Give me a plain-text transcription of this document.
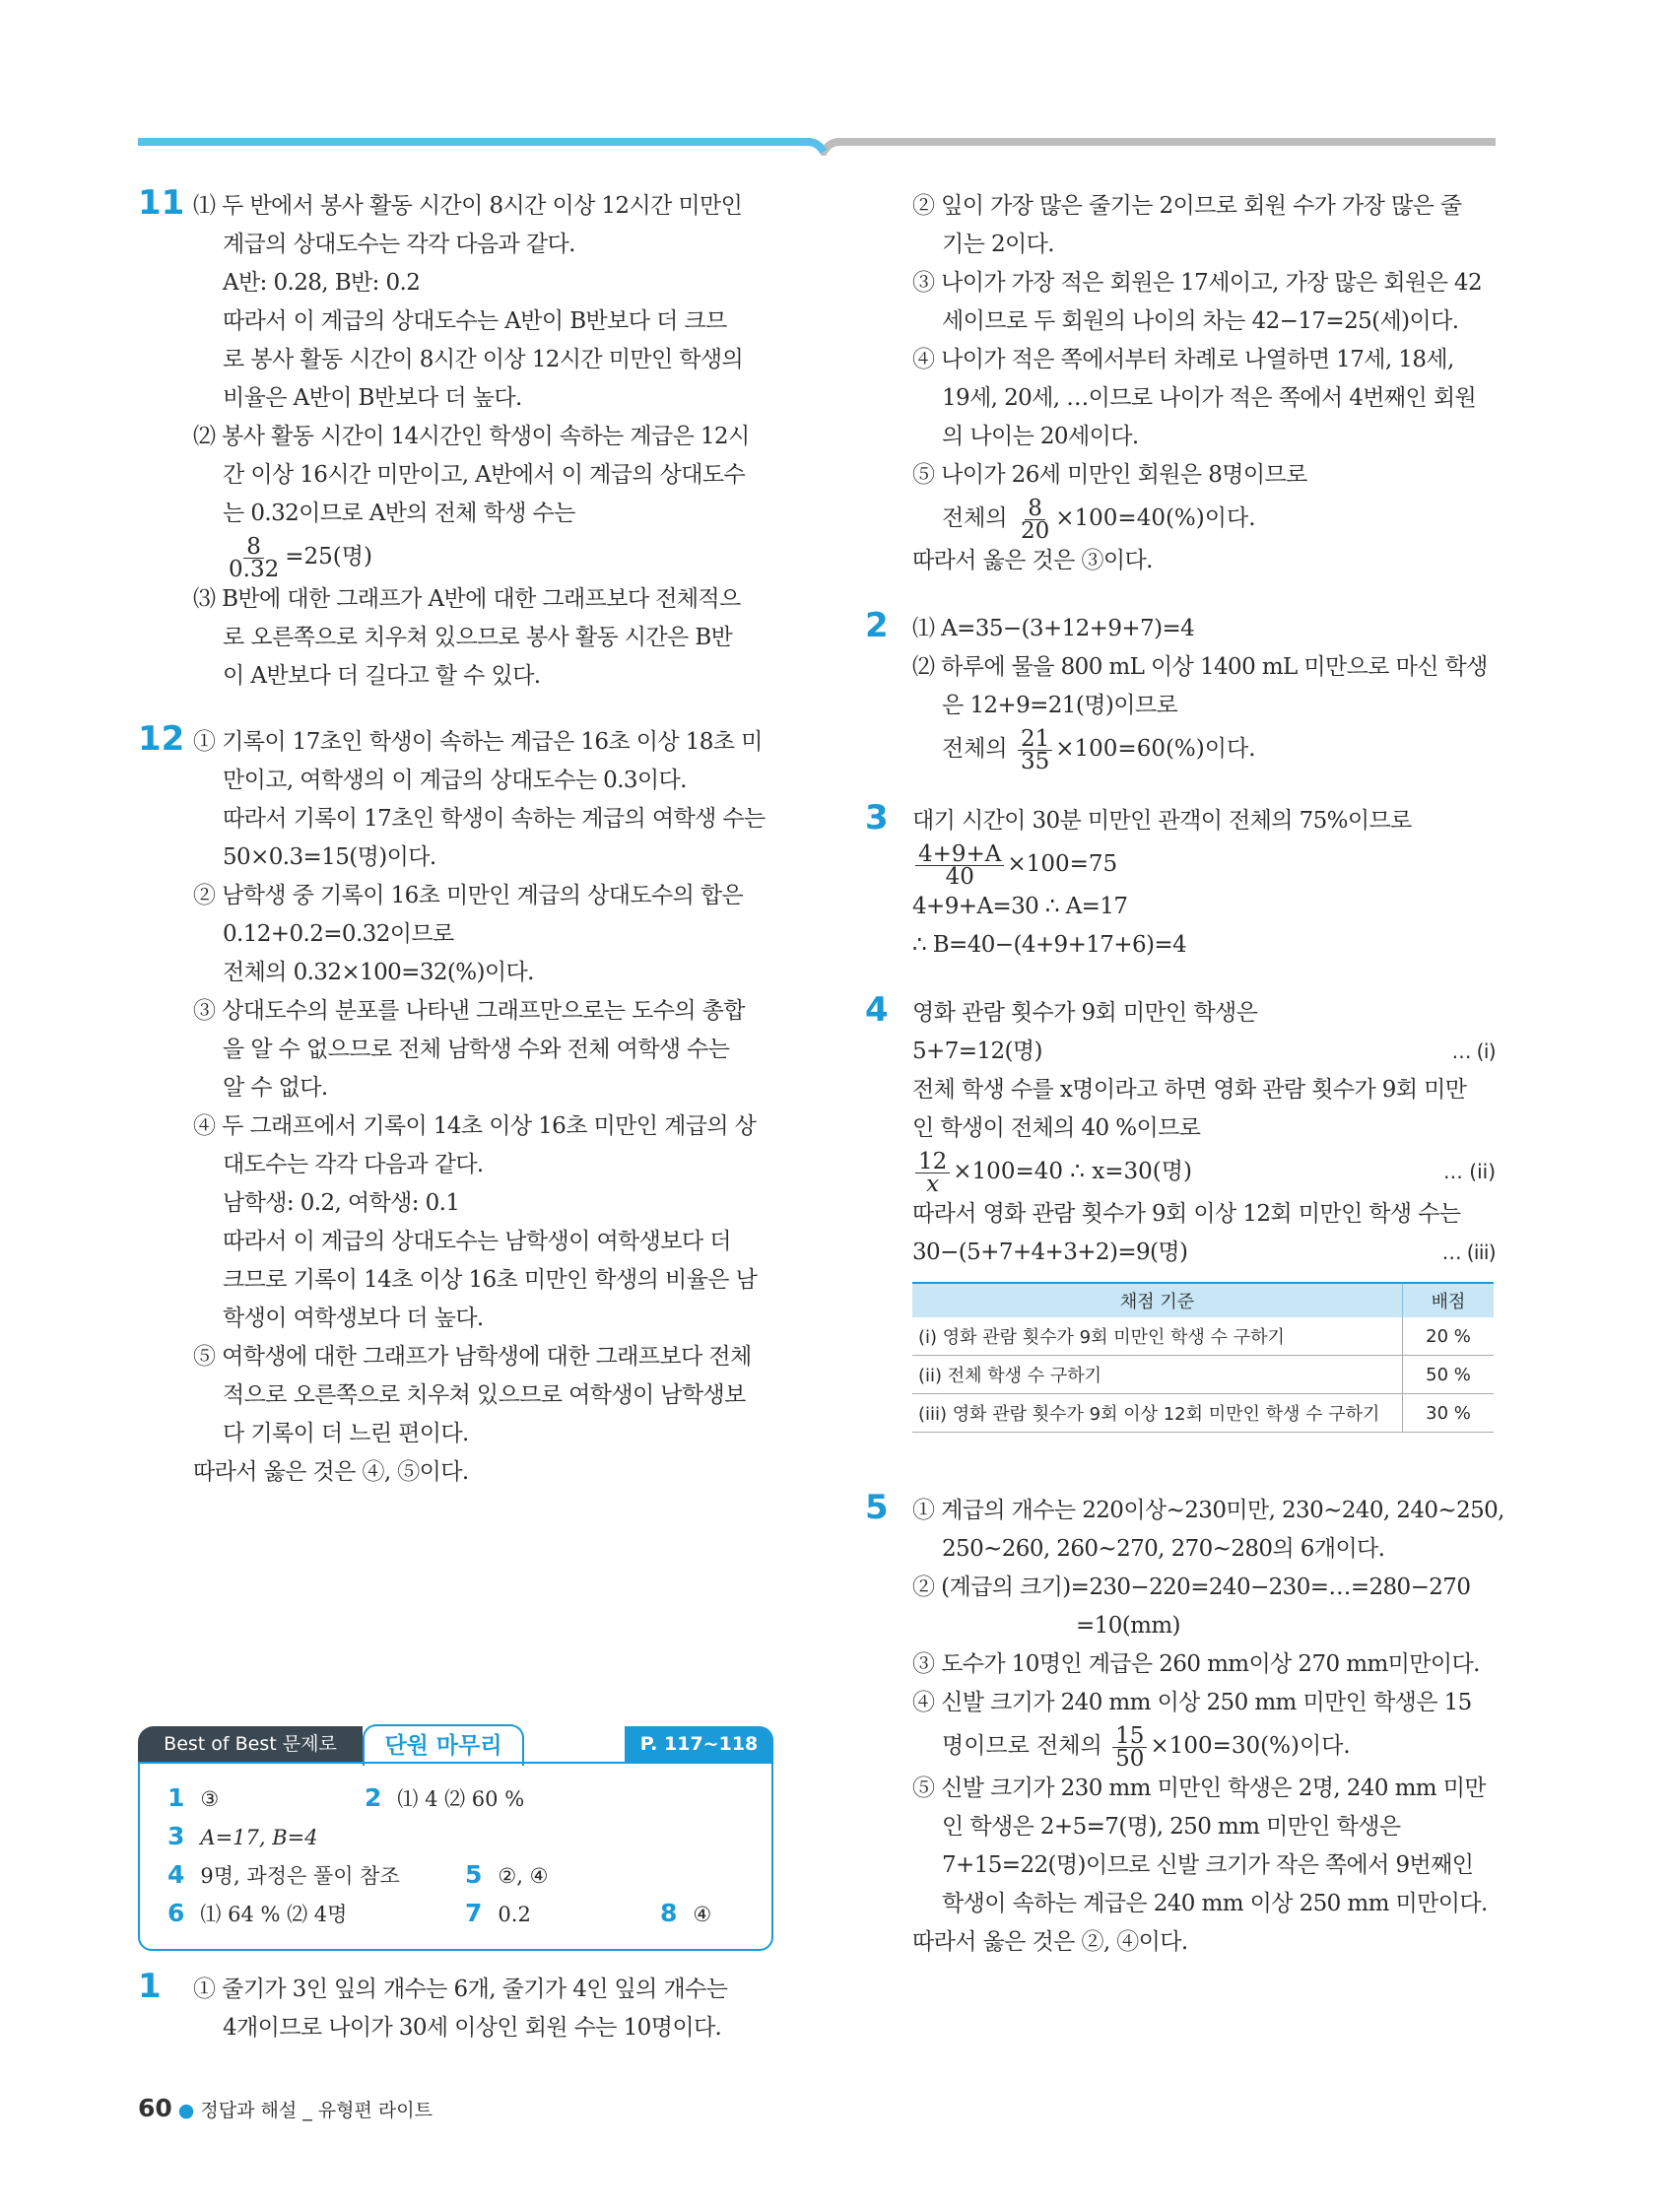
11 ⑴ 두 반에서 봉사 활동 시간이 8시간 이상 12시간 미만인
계급의 상대도수는 각각 다음과 같다.
A반: 0.28, B반: 0.2
따라서 이 계급의 상대도수는 A반이 B반보다 더 크므
로 봉사 활동 시간이 8시간 이상 12시간 미만인 학생의
비율은 A반이 B반보다 더 높다.
⑵ 봉사 활동 시간이 14시간인 학생이 속하는 계급은 12시
간 이상 16시간 미만이고, A반에서 이 계급의 상대도수
는 0.32이므로 A반의 전체 학생 수는
$\frac{8}{0.32} =25$(명)
⑶ B반에 대한 그래프가 A반에 대한 그래프보다 전체적으
로 오른쪽으로 치우쳐 있으므로 봉사 활동 시간은 B반
이 A반보다 더 길다고 할 수 있다.
12 ① 기록이 17초인 학생이 속하는 계급은 16초 이상 18초 미
만이고, 여학생의 이 계급의 상대도수는 0.3이다.
따라서 기록이 17초인 학생이 속하는 계급의 여학생 수는
50×0.3=15(명)이다.
② 남학생 중 기록이 16초 미만인 계급의 상대도수의 합은
0.12+0.2=0.32이므로
전체의 0.32×100=32(%)이다.
③ 상대도수의 분포를 나타낸 그래프만으로는 도수의 총합
을 알 수 없으므로 전체 남학생 수와 전체 여학생 수는
알 수 없다.
④ 두 그래프에서 기록이 14초 이상 16초 미만인 계급의 상
대도수는 각각 다음과 같다.
남학생: 0.2, 여학생: 0.1
따라서 이 계급의 상대도수는 남학생이 여학생보다 더
크므로 기록이 14초 이상 16초 미만인 학생의 비율은 남
학생이 여학생보다 더 높다.
⑤ 여학생에 대한 그래프가 남학생에 대한 그래프보다 전체
적으로 오른쪽으로 치우쳐 있으므로 여학생이 남학생보
다 기록이 더 느린 편이다.
따라서 옳은 것은 ④, ⑤이다.
Best of Best 문제로	단원 마무리	P. 117~118
1 ③	2 ⑴ 4 ⑵ 60 %
3 A=17, B=4
4 9명, 과정은 풀이 참조	5 ②, ④
6 ⑴ 64 % ⑵ 4명	7 0.2	8 ④
1	① 줄기가 3인 잎의 개수는 6개, 줄기가 4인 잎의 개수는
4개이므로 나이가 30세 이상인 회원 수는 10명이다.
② 잎이 가장 많은 줄기는 2이므로 회원 수가 가장 많은 줄
기는 2이다.
③ 나이가 가장 적은 회원은 17세이고, 가장 많은 회원은 42
세이므로 두 회원의 나이의 차는 42−17=25(세)이다.
④ 나이가 적은 쪽에서부터 차례로 나열하면 17세, 18세,
19세, 20세, …이므로 나이가 적은 쪽에서 4번째인 회원
의 나이는 20세이다.
⑤ 나이가 26세 미만인 회원은 8명이므로
전체의 $\frac{8}{20} \times 100=40(\%)$이다.
따라서 옳은 것은 ③이다.
2	⑴ A=35−(3+12+9+7)=4
⑵ 하루에 물을 800 mL 이상 1400 mL 미만으로 마신 학생
은 12+9=21(명)이므로
전체의 $\frac{21}{35} \times 100=60(\%)$이다.
3	대기 시간이 30분 미만인 관객이 전체의 75%이므로
$\frac{4+9+A}{40} \times 100=75$
4+9+A=30 ∴ A=17
∴ B=40−(4+9+17+6)=4
4	영화 관람 횟수가 9회 미만인 학생은
5+7=12(명)	… (i)
전체 학생 수를 x명이라고 하면 영화 관람 횟수가 9회 미만
인 학생이 전체의 40 %이므로
$\frac{12}{x} \times 100=40$ ∴ x=30(명)	… (ii)
따라서 영화 관람 횟수가 9회 이상 12회 미만인 학생 수는
30−(5+7+4+3+2)=9(명)	… (iii)
채점 기준	배점
(i) 영화 관람 횟수가 9회 미만인 학생 수 구하기	20 %
(ii) 전체 학생 수 구하기	50 %
(iii) 영화 관람 횟수가 9회 이상 12회 미만인 학생 수 구하기	30 %
5	① 계급의 개수는 220이상~230미만, 230~240, 240~250,
250~260, 260~270, 270~280의 6개이다.
② (계급의 크기)=230−220=240−230=…=280−270
=10(mm)
③ 도수가 10명인 계급은 260 mm이상 270 mm미만이다.
④ 신발 크기가 240 mm 이상 250 mm 미만인 학생은 15
명이므로 전체의 $\frac{15}{50} \times 100=30(\%)$이다.
⑤ 신발 크기가 230 mm 미만인 학생은 2명, 240 mm 미만
인 학생은 2+5=7(명), 250 mm 미만인 학생은
7+15=22(명)이므로 신발 크기가 작은 쪽에서 9번째인
학생이 속하는 계급은 240 mm 이상 250 mm 미만이다.
따라서 옳은 것은 ②, ④이다.
60 ● 정답과 해설 _ 유형편 라이트
